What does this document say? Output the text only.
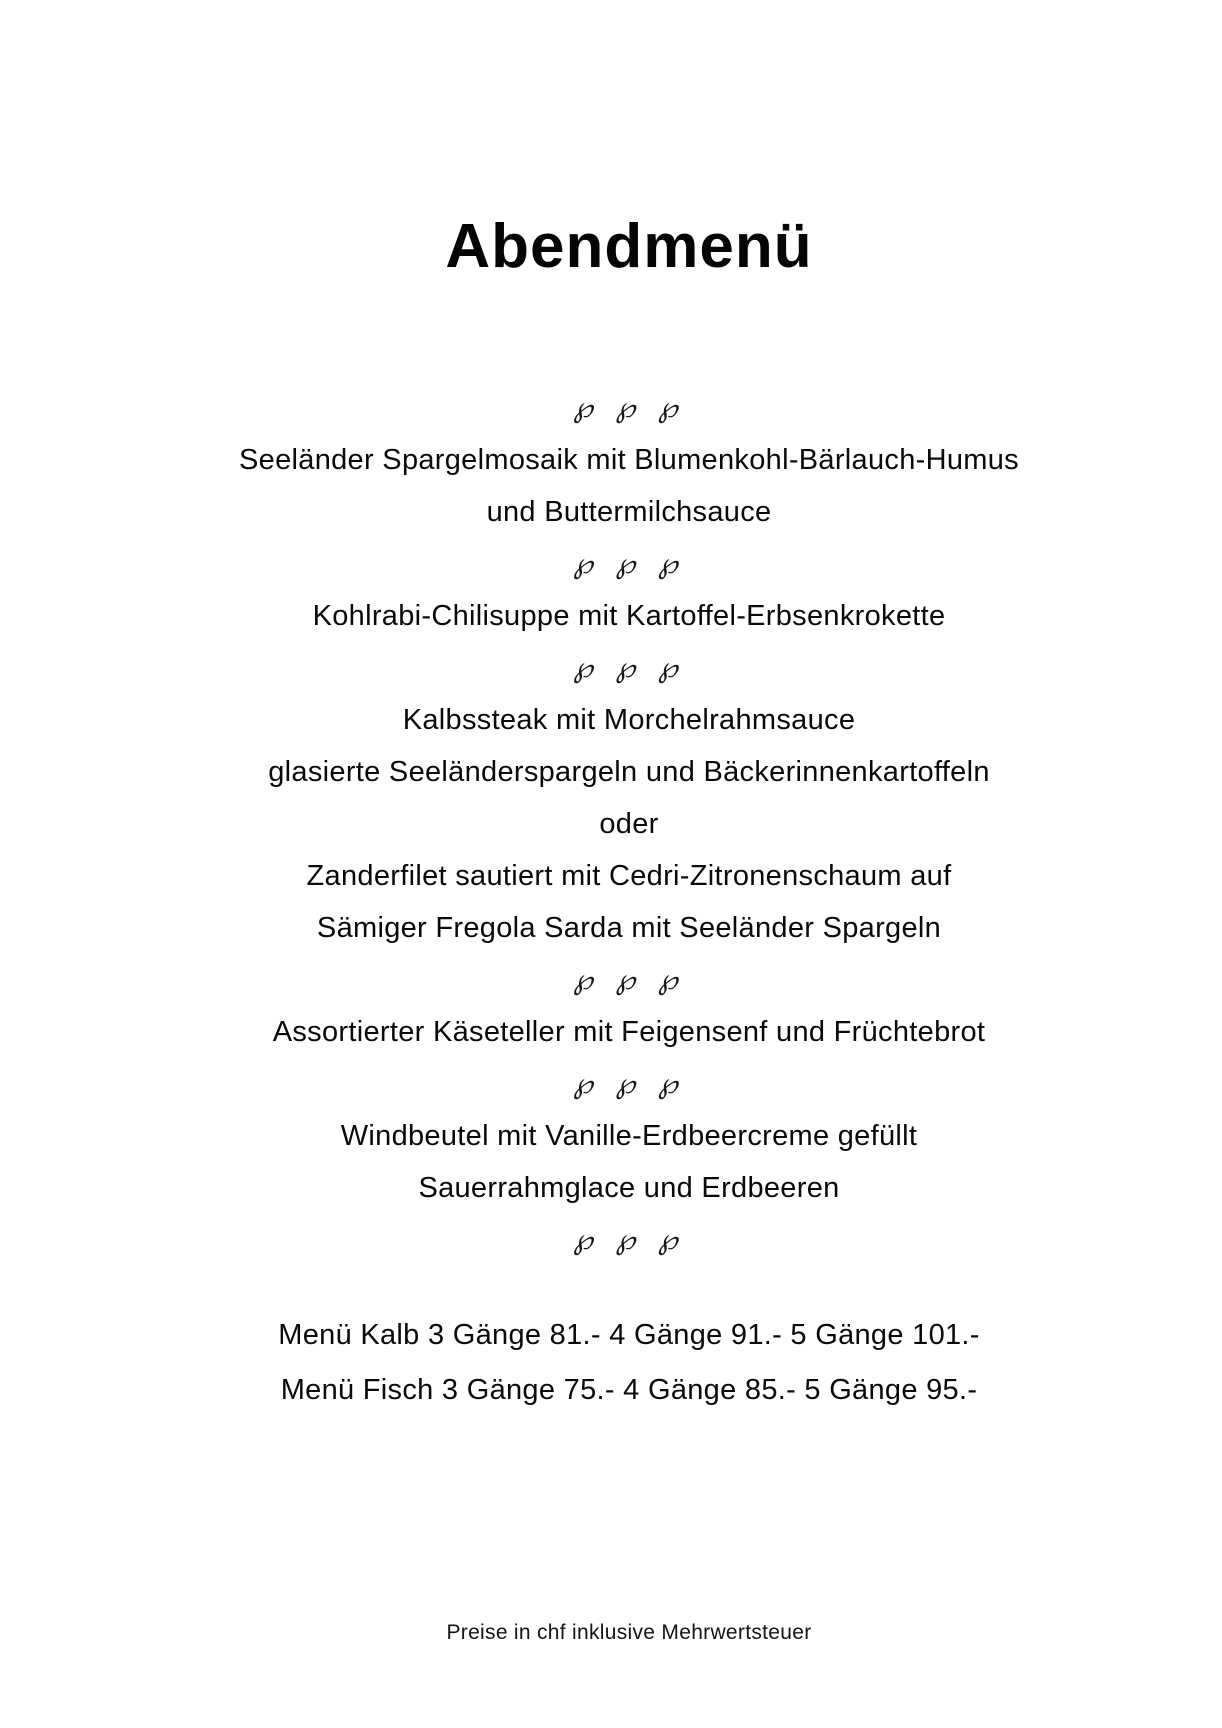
Abendmenü
℘ ℘ ℘
Seeländer Spargelmosaik mit Blumenkohl-Bärlauch-Humus
und Buttermilchsauce
℘ ℘ ℘
Kohlrabi-Chilisuppe mit Kartoffel-Erbsenkrokette
℘ ℘ ℘
Kalbssteak mit Morchelrahmsauce
glasierte Seeländerspargeln und Bäckerinnenkartoffeln
oder
Zanderfilet sautiert mit Cedri-Zitronenschaum auf
Sämiger Fregola Sarda mit Seeländer Spargeln
℘ ℘ ℘
Assortierter Käseteller mit Feigensenf und Früchtebrot
℘ ℘ ℘
Windbeutel mit Vanille-Erdbeercreme gefüllt
Sauerrahmglace und Erdbeeren
℘ ℘ ℘
Menü Kalb 3 Gänge 81.- 4 Gänge 91.- 5 Gänge 101.-
Menü Fisch 3 Gänge 75.- 4 Gänge 85.- 5 Gänge 95.-
Preise in chf inklusive Mehrwertsteuer
